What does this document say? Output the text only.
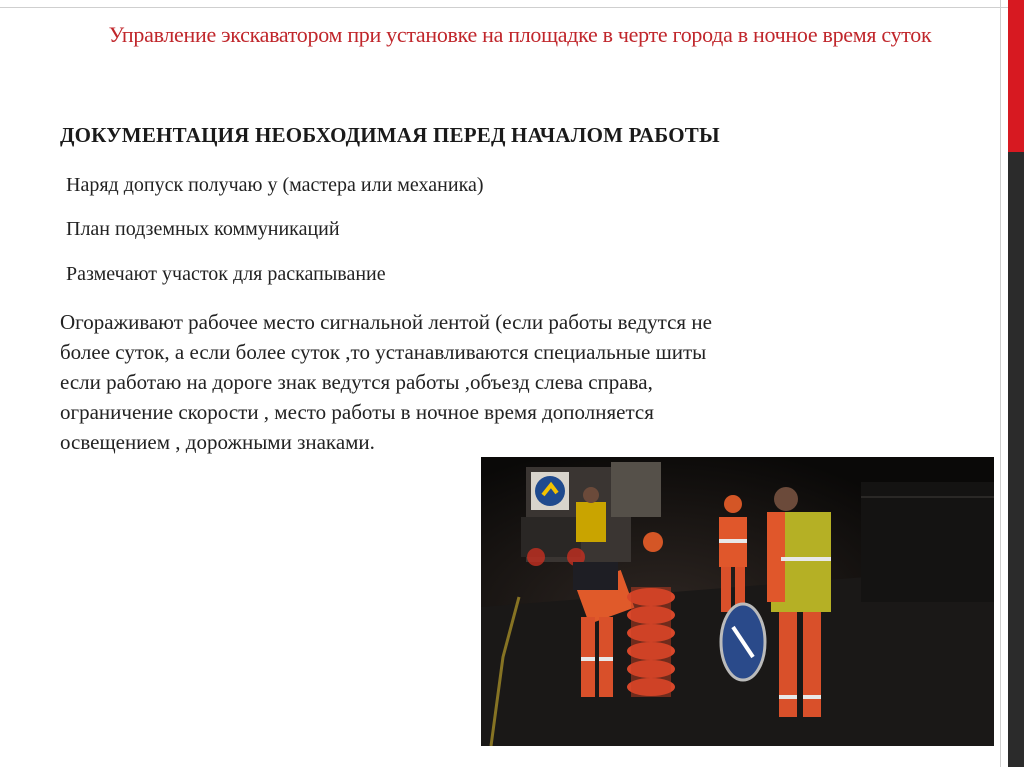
Управление экскаватором при установке на площадке в черте города в ночное время суток
ДОКУМЕНТАЦИЯ НЕОБХОДИМАЯ ПЕРЕД НАЧАЛОМ РАБОТЫ
Наряд допуск получаю у (мастера или механика)
План подземных коммуникаций
Размечают участок для раскапывание
Огораживают рабочее место сигнальной лентой (если работы ведутся не
более суток, а если более суток ,то устанавливаются специальные шиты
если работаю на дороге знак ведутся работы ,объезд слева справа,
ограничение скорости , место работы в ночное время дополняется
освещением , дорожными знаками.
